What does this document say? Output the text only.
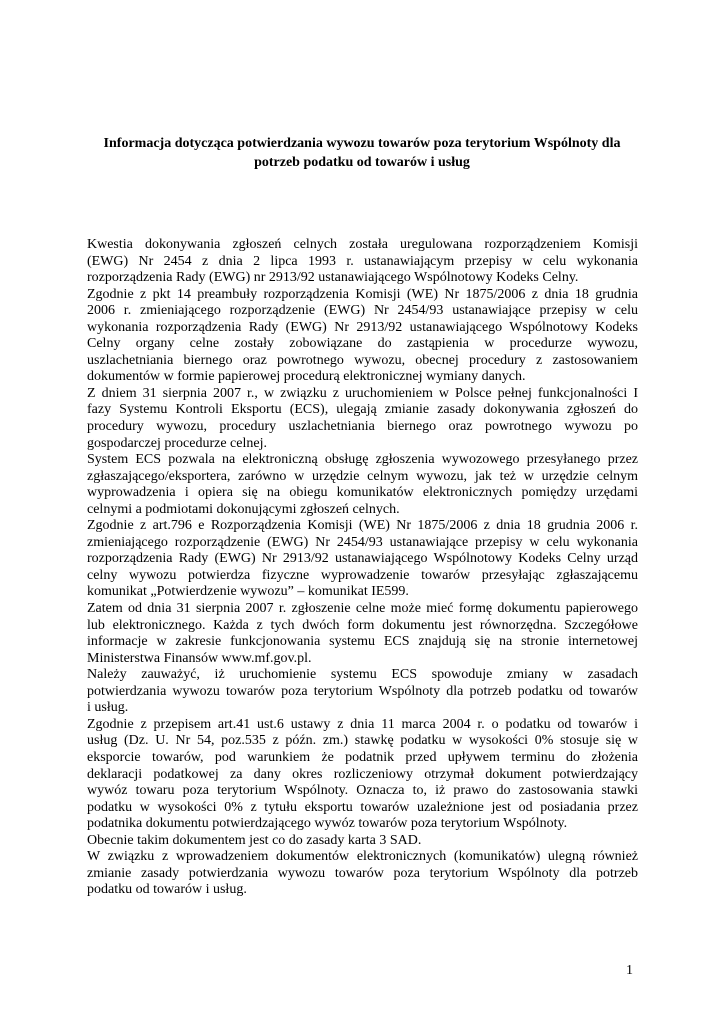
Informacja dotycząca potwierdzania wywozu towarów poza terytorium Wspólnoty dla
potrzeb podatku od towarów i usług
Kwestia dokonywania zgłoszeń celnych została uregulowana rozporządzeniem Komisji
(EWG) Nr 2454 z dnia 2 lipca 1993 r. ustanawiającym przepisy w celu wykonania
rozporządzenia Rady (EWG) nr 2913/92 ustanawiającego Wspólnotowy Kodeks Celny.
Zgodnie z pkt 14 preambuły rozporządzenia Komisji (WE) Nr 1875/2006 z dnia 18 grudnia
2006 r. zmieniającego rozporządzenie (EWG) Nr 2454/93 ustanawiające przepisy w celu
wykonania rozporządzenia Rady (EWG) Nr 2913/92 ustanawiającego Wspólnotowy Kodeks
Celny organy celne zostały zobowiązane do zastąpienia w procedurze wywozu,
uszlachetniania biernego oraz powrotnego wywozu, obecnej procedury z zastosowaniem
dokumentów w formie papierowej procedurą elektronicznej wymiany danych.
Z dniem 31 sierpnia 2007 r., w związku z uruchomieniem w Polsce pełnej funkcjonalności I
fazy Systemu Kontroli Eksportu (ECS), ulegają zmianie zasady dokonywania zgłoszeń do
procedury wywozu, procedury uszlachetniania biernego oraz powrotnego wywozu po
gospodarczej procedurze celnej.
System ECS pozwala na elektroniczną obsługę zgłoszenia wywozowego przesyłanego przez
zgłaszającego/eksportera, zarówno w urzędzie celnym wywozu, jak też w urzędzie celnym
wyprowadzenia i opiera się na obiegu komunikatów elektronicznych pomiędzy urzędami
celnymi a podmiotami dokonującymi zgłoszeń celnych.
Zgodnie z art.796 e Rozporządzenia Komisji (WE) Nr 1875/2006 z dnia 18 grudnia 2006 r.
zmieniającego rozporządzenie (EWG) Nr 2454/93 ustanawiające przepisy w celu wykonania
rozporządzenia Rady (EWG) Nr 2913/92 ustanawiającego Wspólnotowy Kodeks Celny urząd
celny wywozu potwierdza fizyczne wyprowadzenie towarów przesyłając zgłaszającemu
komunikat „Potwierdzenie wywozu” – komunikat IE599.
Zatem od dnia 31 sierpnia 2007 r. zgłoszenie celne może mieć formę dokumentu papierowego
lub elektronicznego. Każda z tych dwóch form dokumentu jest równorzędna. Szczegółowe
informacje w zakresie funkcjonowania systemu ECS znajdują się na stronie internetowej
Ministerstwa Finansów www.mf.gov.pl.
Należy zauważyć, iż uruchomienie systemu ECS spowoduje zmiany w zasadach
potwierdzania wywozu towarów poza terytorium Wspólnoty dla potrzeb podatku od towarów
i usług.
Zgodnie z przepisem art.41 ust.6 ustawy z dnia 11 marca 2004 r. o podatku od towarów i
usług (Dz. U. Nr 54, poz.535 z późn. zm.) stawkę podatku w wysokości 0% stosuje się w
eksporcie towarów, pod warunkiem że podatnik przed upływem terminu do złożenia
deklaracji podatkowej za dany okres rozliczeniowy otrzymał dokument potwierdzający
wywóz towaru poza terytorium Wspólnoty. Oznacza to, iż prawo do zastosowania stawki
podatku w wysokości 0% z tytułu eksportu towarów uzależnione jest od posiadania przez
podatnika dokumentu potwierdzającego wywóz towarów poza terytorium Wspólnoty.
Obecnie takim dokumentem jest co do zasady karta 3 SAD.
W związku z wprowadzeniem dokumentów elektronicznych (komunikatów) ulegną również
zmianie zasady potwierdzania wywozu towarów poza terytorium Wspólnoty dla potrzeb
podatku od towarów i usług.
1
